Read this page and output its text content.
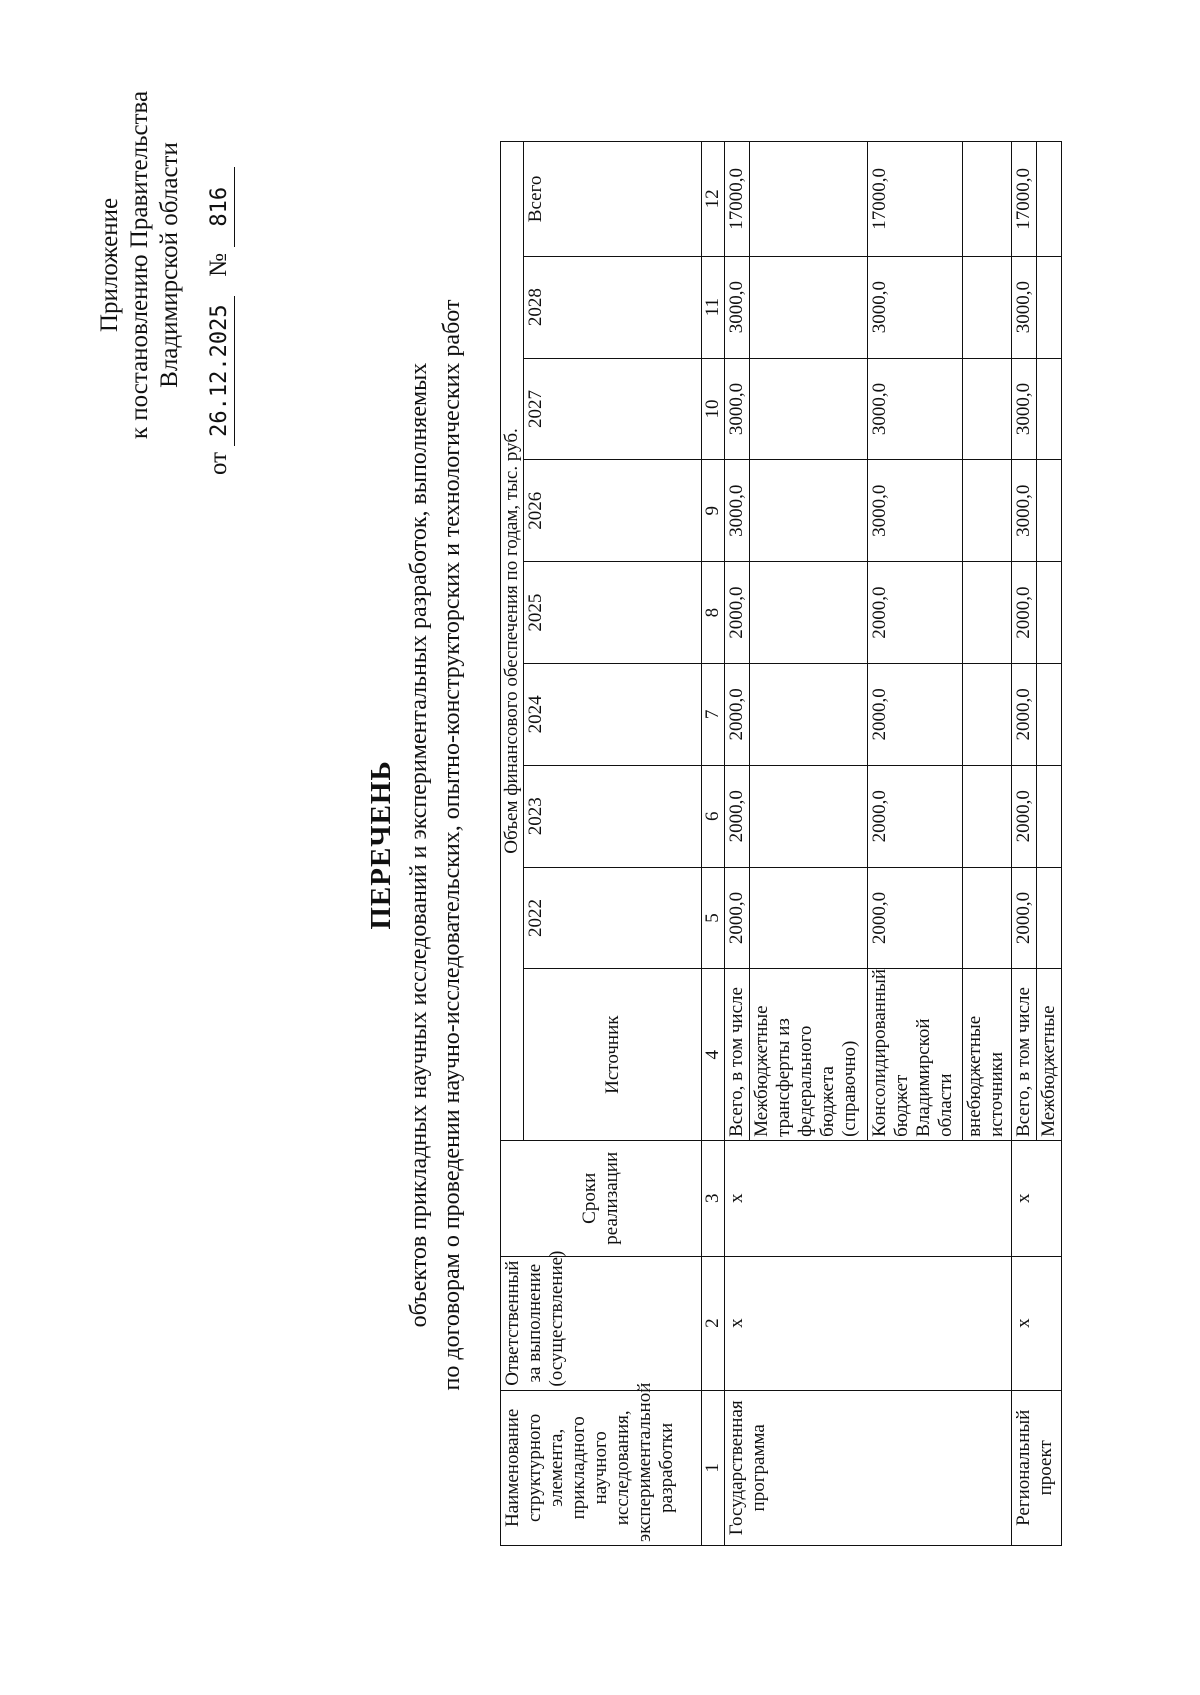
Приложение к постановлению Правительства Владимирской области
от 26.12.2025   № 816
ПЕРЕЧЕНЬ объектов прикладных научных исследований и экспериментальных разработок, выполняемых по договорам о проведении научно-исследовательских, опытно-конструкторских и технологических работ
Наименование структурного элемента, прикладного научного исследования, экспериментальной разработки	Ответственный за выполнение (осуществление)	Сроки реализации	Объем финансового обеспечения по годам, тыс. руб.								
			Источник	2022	2023	2024	2025	2026	2027	2028	Всего
1	2	3	4	5	6	7	8	9	10	11	12
Государственная программа	x	x	Всего, в том числе	2000,0	2000,0	2000,0	2000,0	3000,0	3000,0	3000,0	17000,0
			Межбюджетные трансферты из федерального бюджета (справочно)								
			Консолидированный бюджет Владимирской области	2000,0	2000,0	2000,0	2000,0	3000,0	3000,0	3000,0	17000,0
			внебюджетные источники								
Региональный проект	x	x	Всего, в том числе	2000,0	2000,0	2000,0	2000,0	3000,0	3000,0	3000,0	17000,0
			Межбюджетные								
